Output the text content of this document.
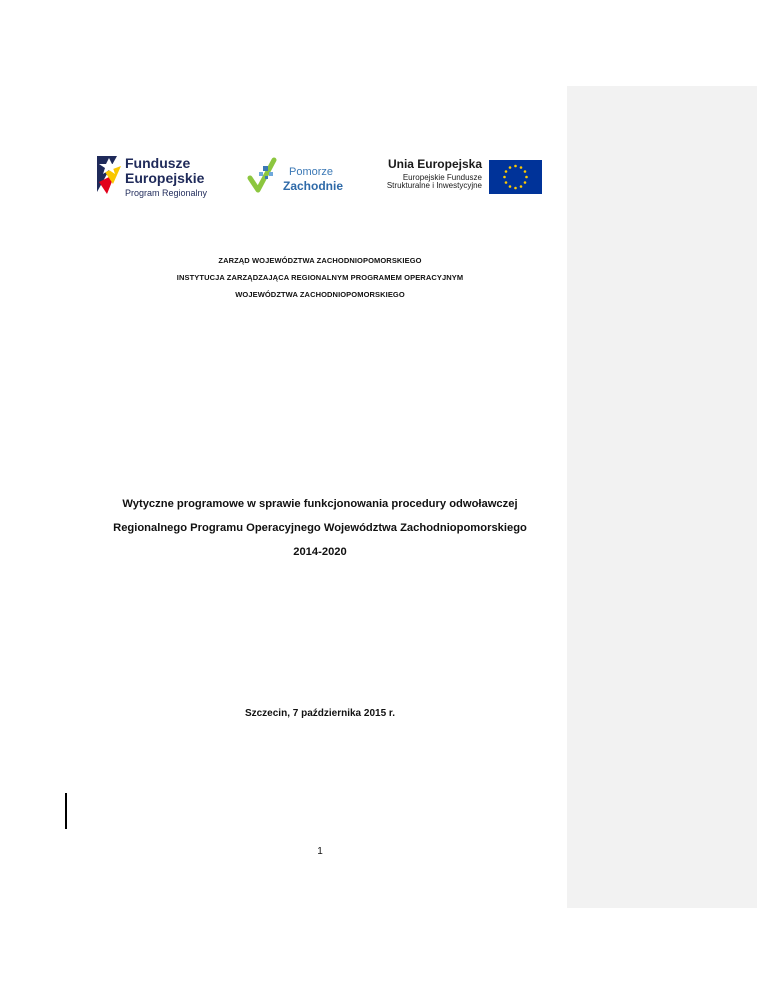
Fundusze
Europejskie
Program Regionalny
Pomorze
Zachodnie
Unia Europejska
Europejskie Fundusze
Strukturalne i Inwestycyjne
ZARZĄD WOJEWÓDZTWA ZACHODNIOPOMORSKIEGO
INSTYTUCJA ZARZĄDZAJĄCA REGIONALNYM PROGRAMEM OPERACYJNYM
WOJEWÓDZTWA ZACHODNIOPOMORSKIEGO
Wytyczne programowe w sprawie funkcjonowania procedury odwoławczej
Regionalnego Programu Operacyjnego Województwa Zachodniopomorskiego
2014-2020
Szczecin, 7 października 2015 r.
1
